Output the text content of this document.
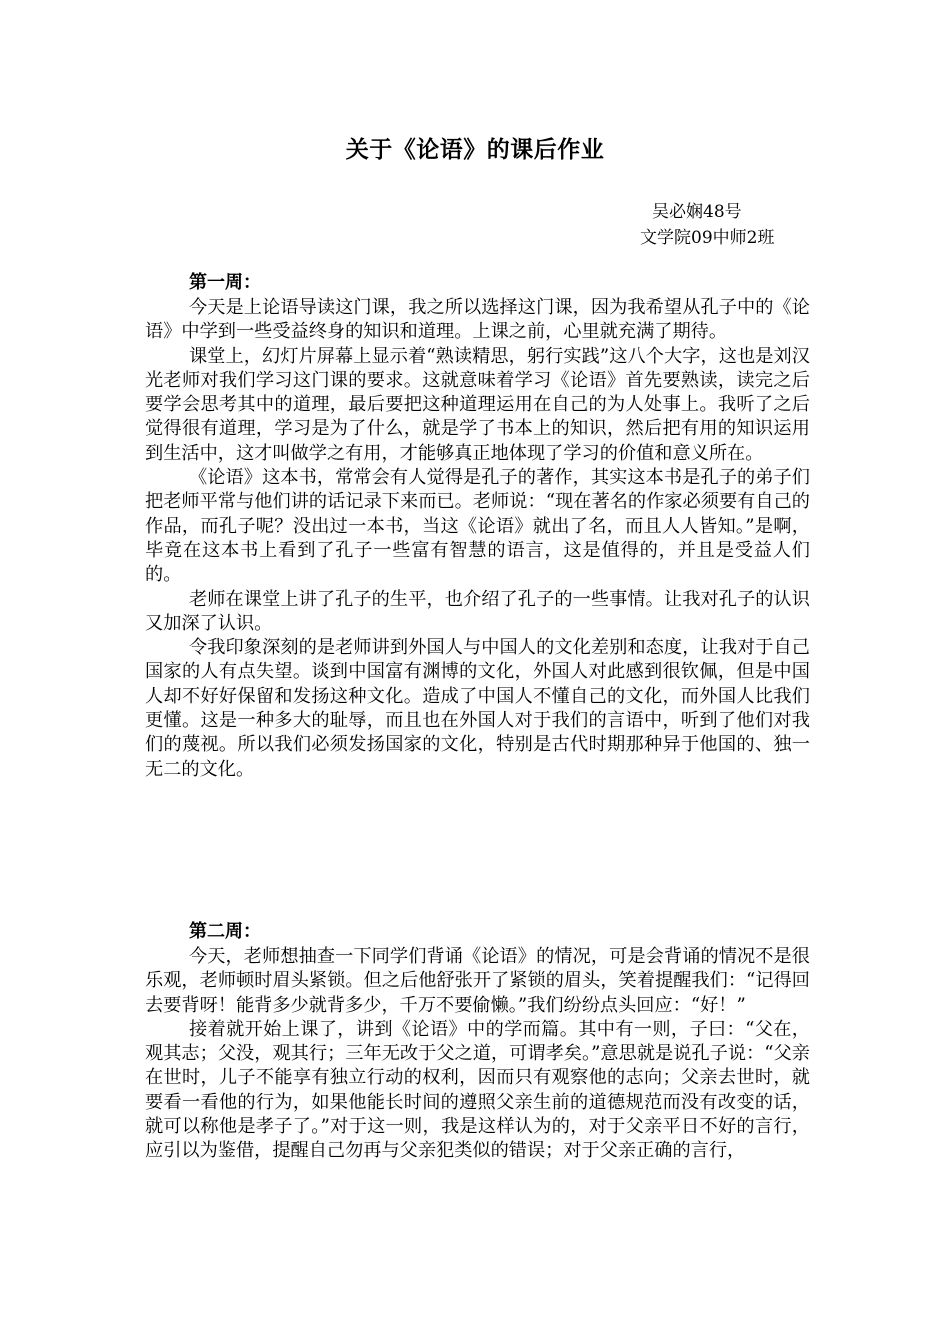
关于《论语》的课后作业
吴必娴48号
文学院09中师2班
第一周：

今天是上论语导读这门课，我之所以选择这门课，因为我希望从孔子中的《论语》中学到一些受益终身的知识和道理。上课之前，心里就充满了期待。

课堂上，幻灯片屏幕上显示着“熟读精思，躬行实践”这八个大字，这也是刘汉光老师对我们学习这门课的要求。这就意味着学习《论语》首先要熟读，读完之后要学会思考其中的道理，最后要把这种道理运用在自己的为人处事上。我听了之后觉得很有道理，学习是为了什么，就是学了书本上的知识，然后把有用的知识运用到生活中，这才叫做学之有用，才能够真正地体现了学习的价值和意义所在。

《论语》这本书，常常会有人觉得是孔子的著作，其实这本书是孔子的弟子们把老师平常与他们讲的话记录下来而已。老师说：“现在著名的作家必须要有自己的作品，而孔子呢？没出过一本书，当这《论语》就出了名，而且人人皆知。”是啊，毕竟在这本书上看到了孔子一些富有智慧的语言，这是值得的，并且是受益人们的。

老师在课堂上讲了孔子的生平，也介绍了孔子的一些事情。让我对孔子的认识又加深了认识。

令我印象深刻的是老师讲到外国人与中国人的文化差别和态度，让我对于自己国家的人有点失望。谈到中国富有渊博的文化，外国人对此感到很钦佩，但是中国人却不好好保留和发扬这种文化。造成了中国人不懂自己的文化，而外国人比我们更懂。这是一种多大的耻辱，而且也在外国人对于我们的言语中，听到了他们对我们的蔑视。所以我们必须发扬国家的文化，特别是古代时期那种异于他国的、独一无二的文化。

第二周：

今天，老师想抽查一下同学们背诵《论语》的情况，可是会背诵的情况不是很乐观，老师顿时眉头紧锁。但之后他舒张开了紧锁的眉头，笑着提醒我们：“记得回去要背呀！能背多少就背多少，千万不要偷懒。”我们纷纷点头回应：“好！”

接着就开始上课了，讲到《论语》中的学而篇。其中有一则，子曰：“父在，观其志；父没，观其行；三年无改于父之道，可谓孝矣。”意思就是说孔子说：“父亲在世时，儿子不能享有独立行动的权利，因而只有观察他的志向；父亲去世时，就要看一看他的行为，如果他能长时间的遵照父亲生前的道德规范而没有改变的话，就可以称他是孝子了。”对于这一则，我是这样认为的，对于父亲平日不好的言行，应引以为鉴借，提醒自己勿再与父亲犯类似的错误；对于父亲正确的言行，
